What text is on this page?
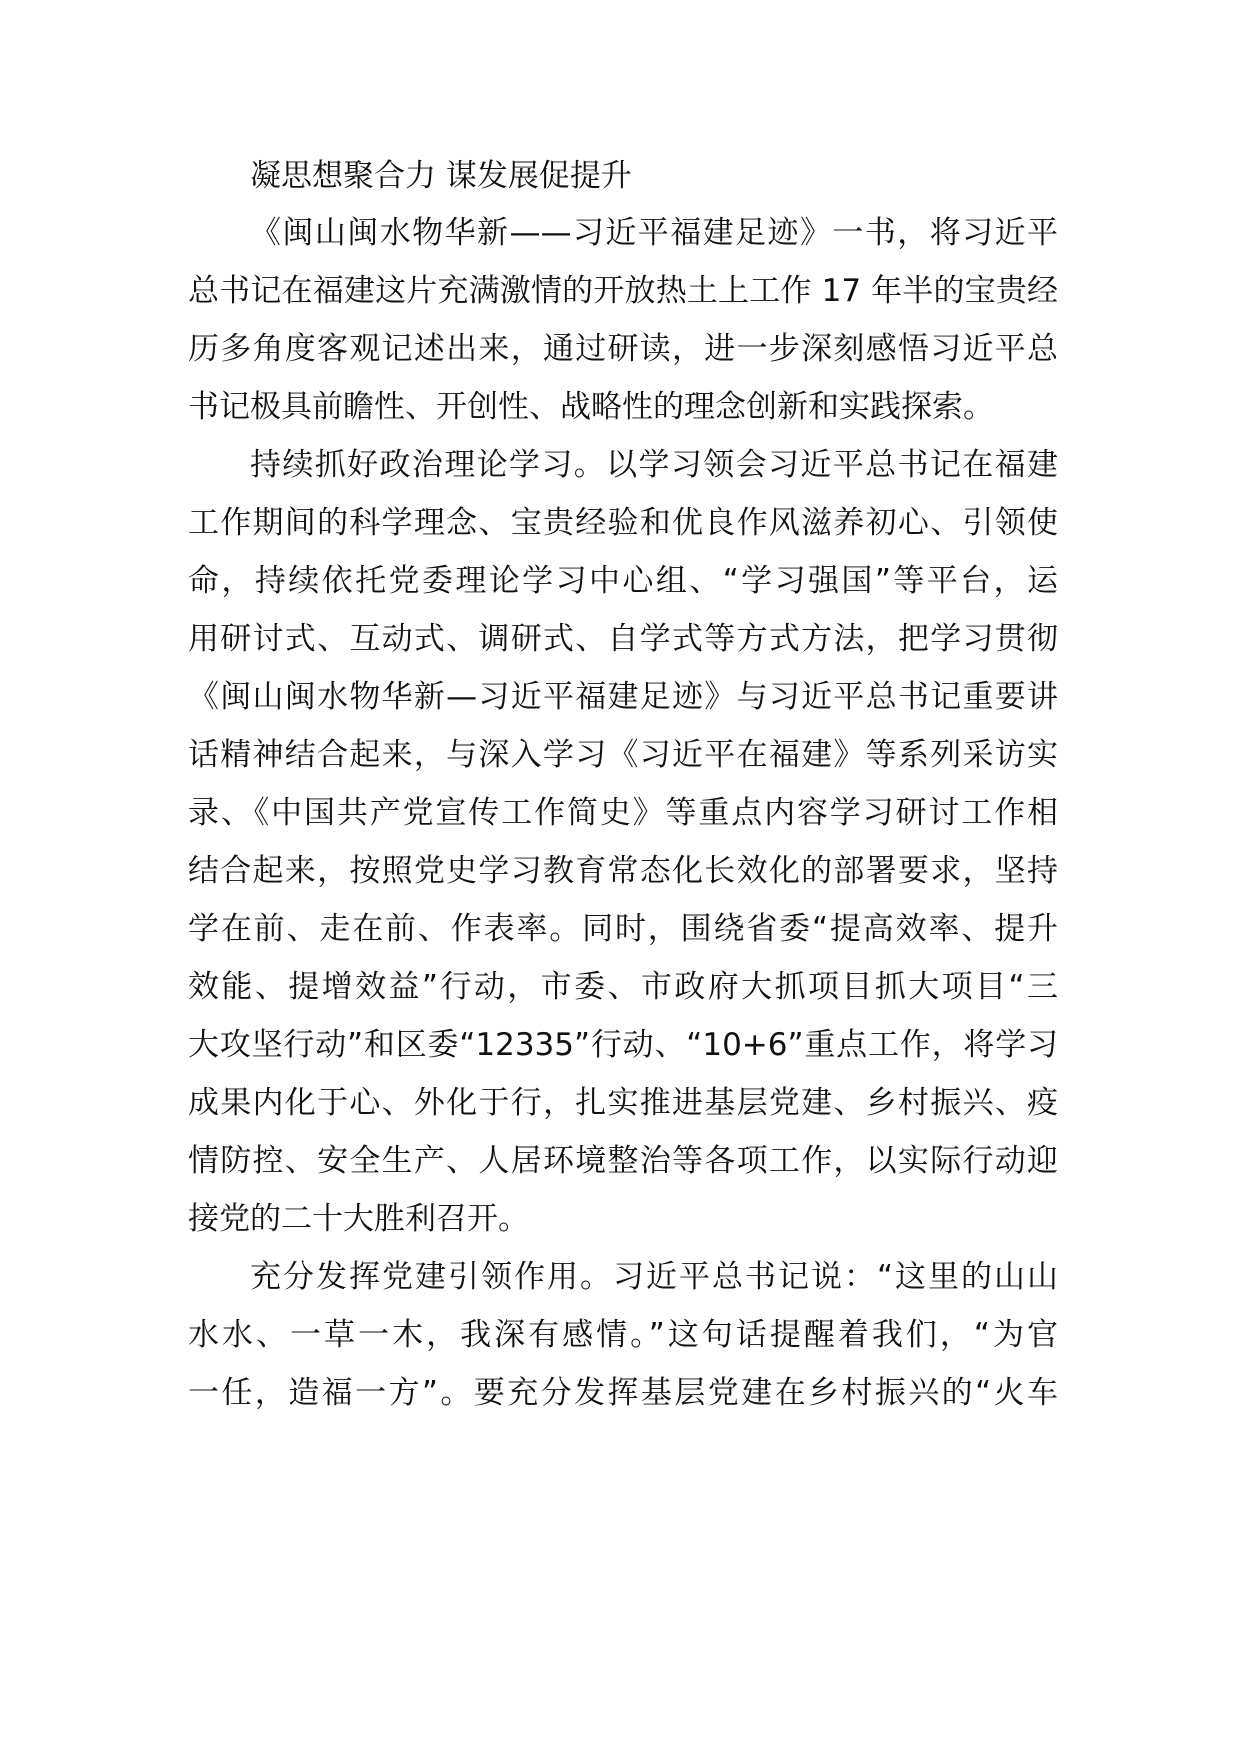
凝思想聚合力 谋发展促提升
《闽山闽水物华新——习近平福建足迹》一书，将习近平
总书记在福建这片充满激情的开放热土上工作 17 年半的宝贵经
历多角度客观记述出来，通过研读，进一步深刻感悟习近平总
书记极具前瞻性、开创性、战略性的理念创新和实践探索。
持续抓好政治理论学习。以学习领会习近平总书记在福建
工作期间的科学理念、宝贵经验和优良作风滋养初心、引领使
命，持续依托党委理论学习中心组、“学习强国”等平台，运
用研讨式、互动式、调研式、自学式等方式方法，把学习贯彻
《闽山闽水物华新—习近平福建足迹》与习近平总书记重要讲
话精神结合起来，与深入学习《习近平在福建》等系列采访实
录、《中国共产党宣传工作简史》等重点内容学习研讨工作相
结合起来，按照党史学习教育常态化长效化的部署要求，坚持
学在前、走在前、作表率。同时，围绕省委“提高效率、提升
效能、提增效益”行动，市委、市政府大抓项目抓大项目“三
大攻坚行动”和区委“12335”行动、“10+6”重点工作，将学习
成果内化于心、外化于行，扎实推进基层党建、乡村振兴、疫
情防控、安全生产、人居环境整治等各项工作，以实际行动迎
接党的二十大胜利召开。
充分发挥党建引领作用。习近平总书记说：“这里的山山
水水、一草一木，我深有感情。”这句话提醒着我们，“为官
一任，造福一方”。要充分发挥基层党建在乡村振兴的“火车
